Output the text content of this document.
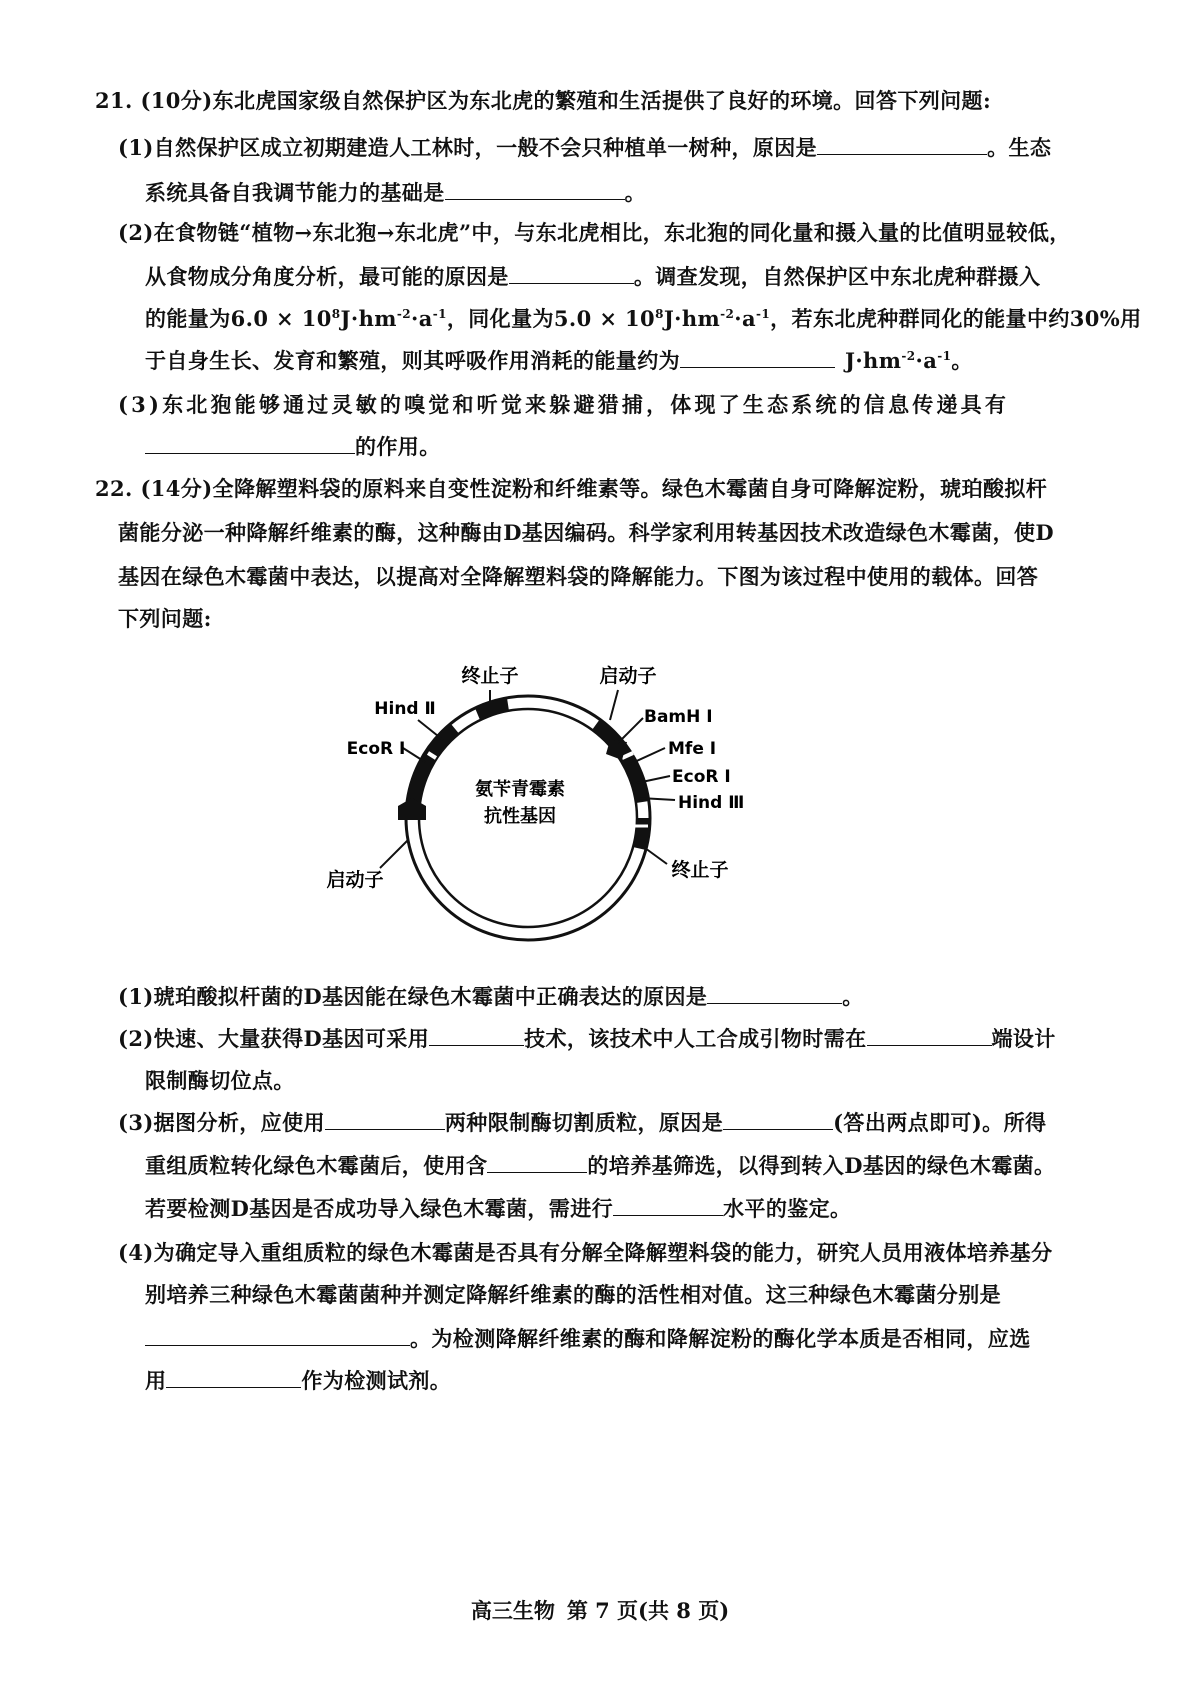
21. (10分)东北虎国家级自然保护区为东北虎的繁殖和生活提供了良好的环境。回答下列问题:
(1)自然保护区成立初期建造人工林时，一般不会只种植单一树种，原因是	。生态
系统具备自我调节能力的基础是	。
(2)在食物链“植物→东北狍→东北虎”中，与东北虎相比，东北狍的同化量和摄入量的比值明显较低，
从食物成分角度分析，最可能的原因是	。调查发现，自然保护区中东北虎种群摄入
的能量为$6.0 \times 10^8J\cdot hm^{-2}\cdot a^{-1}$，同化量为$5.0 \times 10^8J\cdot hm^{-2}\cdot a^{-1}$，若东北虎种群同化的能量中约30%用
于自身生长、发育和繁殖，则其呼吸作用消耗的能量约为	$J\cdot hm^{-2}\cdot a^{-1}$。
(3)东北狍能够通过灵敏的嗅觉和听觉来躲避猎捕，体现了生态系统的信息传递具有
的作用。
22. (14分)全降解塑料袋的原料来自变性淀粉和纤维素等。绿色木霉菌自身可降解淀粉，琥珀酸拟杆
菌能分泌一种降解纤维素的酶，这种酶由D基因编码。科学家利用转基因技术改造绿色木霉菌，使D
基因在绿色木霉菌中表达，以提高对全降解塑料袋的降解能力。下图为该过程中使用的载体。回答
下列问题:
终止子	启动子
Hind Ⅱ	BamH Ⅰ
EcoR Ⅰ	Mfe Ⅰ
EcoR Ⅰ
Hind Ⅲ
氨苄青霉素
抗性基因
启动子	终止子
(1)琥珀酸拟杆菌的D基因能在绿色木霉菌中正确表达的原因是	。
(2)快速、大量获得D基因可采用	技术，该技术中人工合成引物时需在	端设计
限制酶切位点。
(3)据图分析，应使用	两种限制酶切割质粒，原因是	(答出两点即可)。所得
重组质粒转化绿色木霉菌后，使用含	的培养基筛选，以得到转入D基因的绿色木霉菌。
若要检测D基因是否成功导入绿色木霉菌，需进行	水平的鉴定。
(4)为确定导入重组质粒的绿色木霉菌是否具有分解全降解塑料袋的能力，研究人员用液体培养基分
别培养三种绿色木霉菌菌种并测定降解纤维素的酶的活性相对值。这三种绿色木霉菌分别是
。为检测降解纤维素的酶和降解淀粉的酶化学本质是否相同，应选
用	作为检测试剂。
高三生物 第 7 页(共 8 页)
